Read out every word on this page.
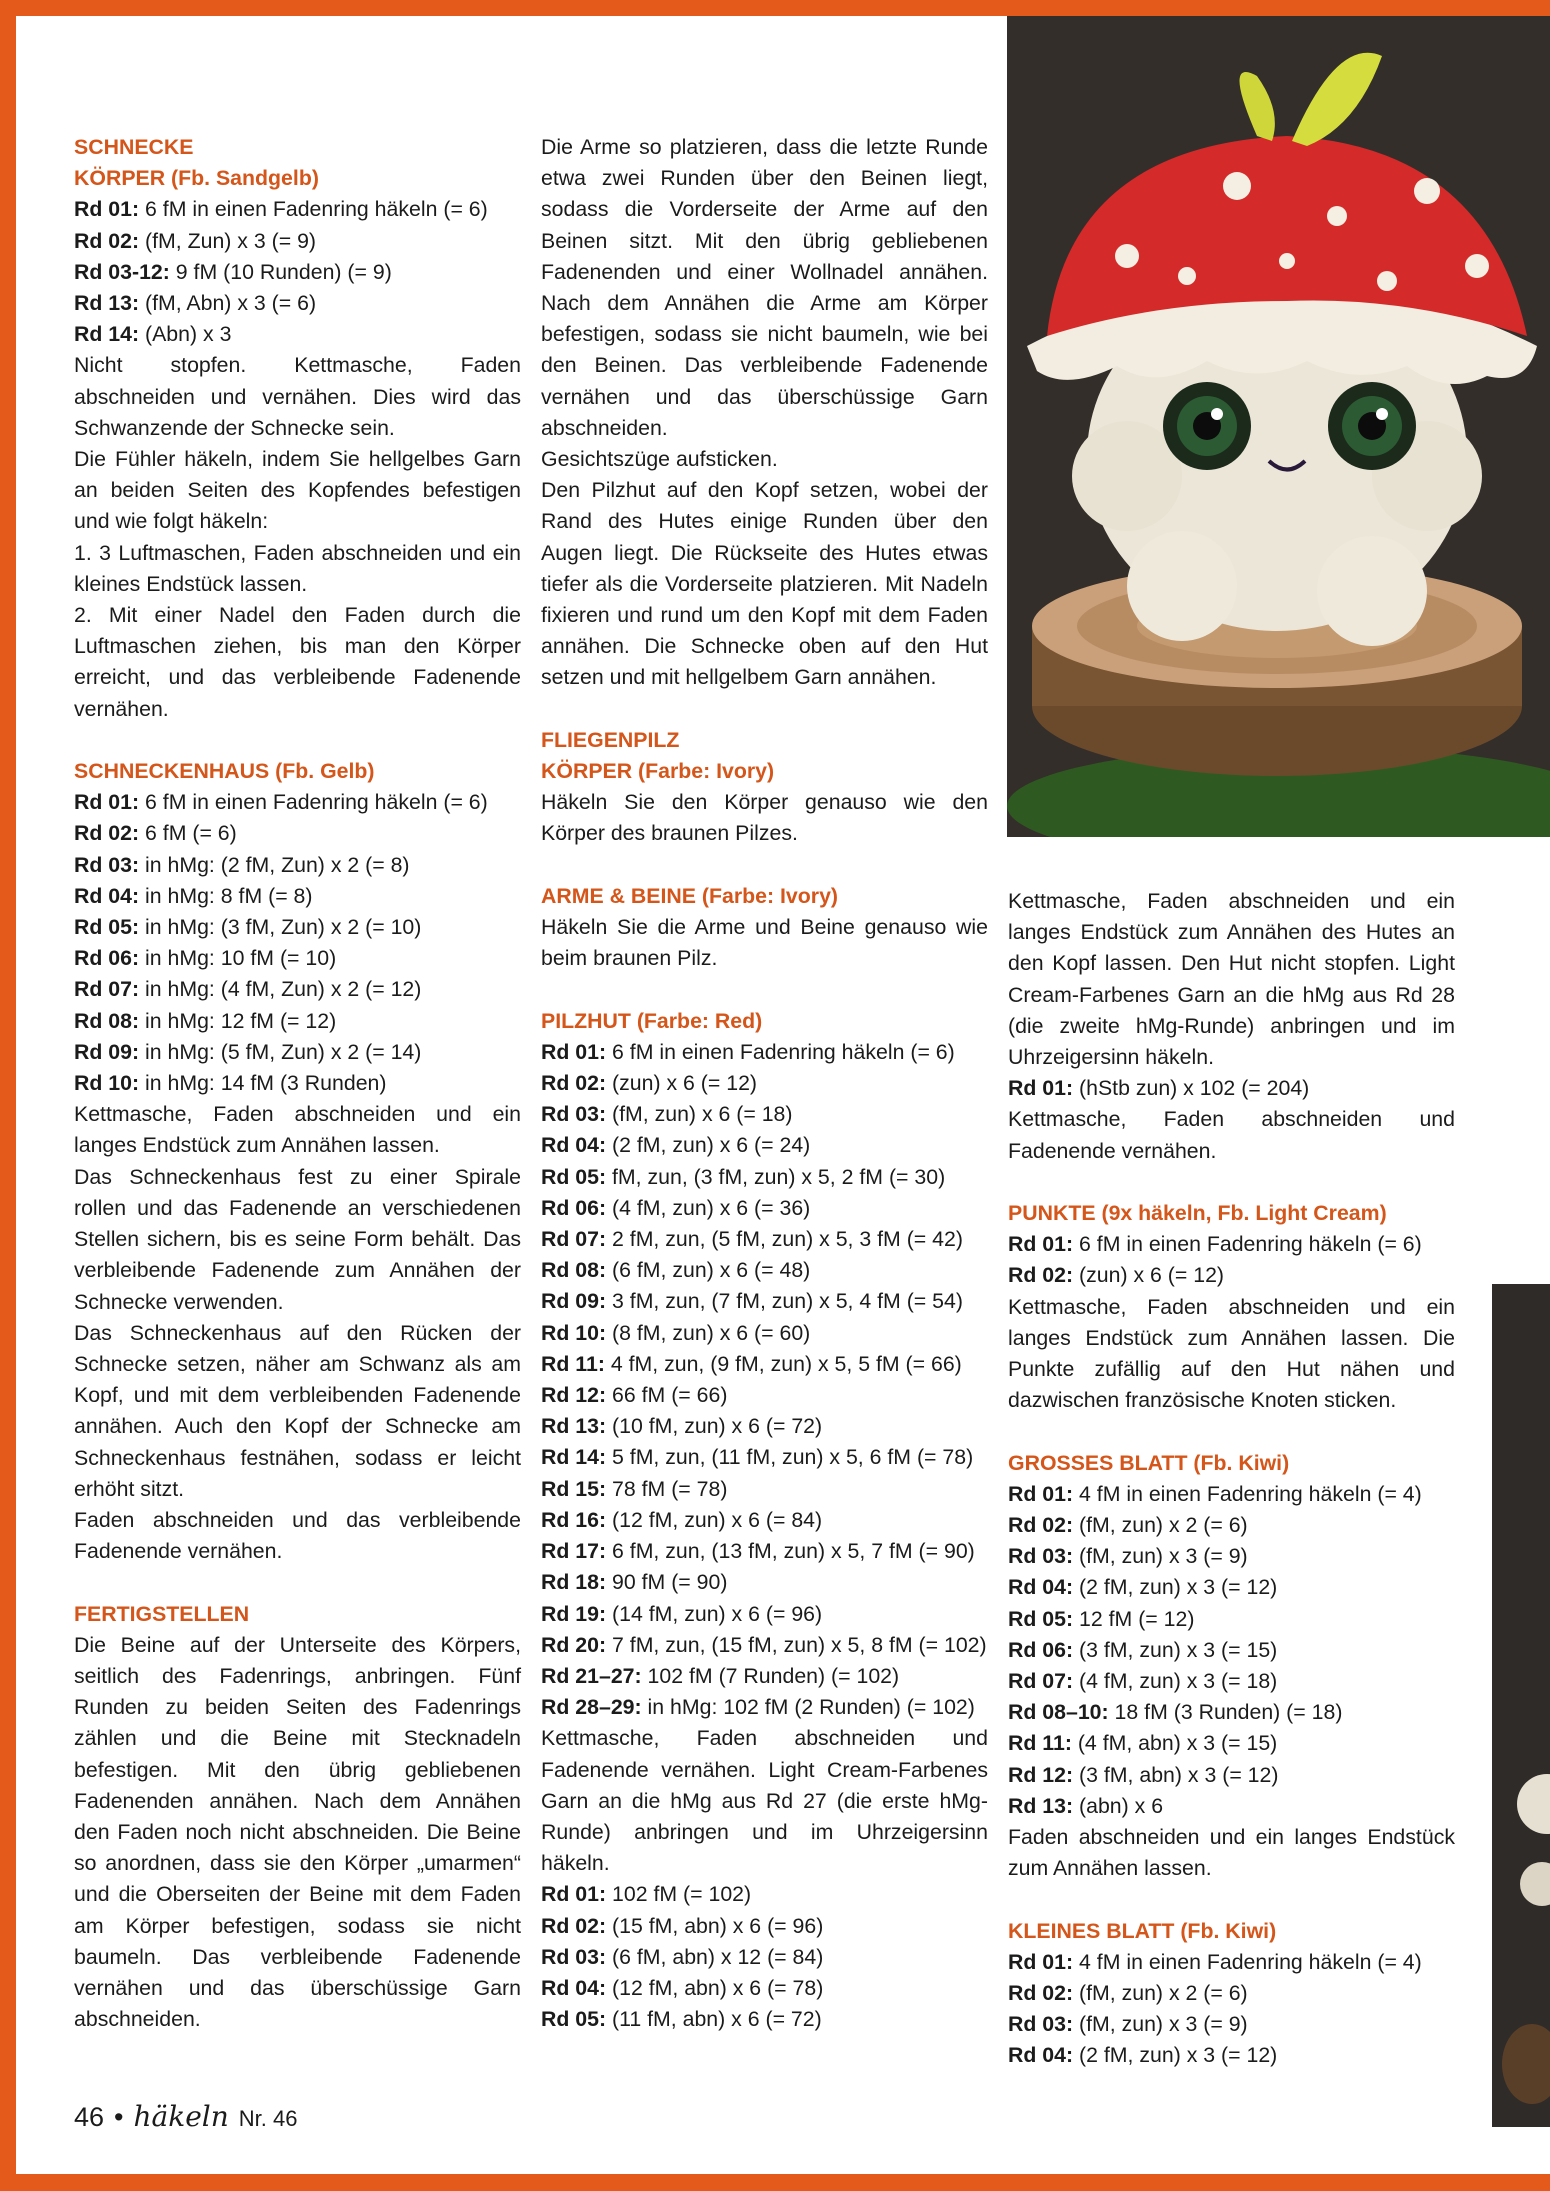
SCHNECKE

KÖRPER (Fb. Sandgelb)

Rd 01: 6 fM in einen Fadenring häkeln (= 6)
Rd 02: (fM, Zun) x 3 (= 9)
Rd 03-12: 9 fM (10 Runden) (= 9)
Rd 13: (fM, Abn) x 3 (= 6)
Rd 14: (Abn) x 3

Nicht stopfen. Kettmasche, Faden abschneiden und vernähen. Dies wird das Schwanzende der Schnecke sein.

Die Fühler häkeln, indem Sie hellgelbes Garn an beiden Seiten des Kopfendes befestigen und wie folgt häkeln:

1. 3 Luftmaschen, Faden abschneiden und ein kleines Endstück lassen.

2. Mit einer Nadel den Faden durch die Luftmaschen ziehen, bis man den Körper erreicht, und das verbleibende Fadenende vernähen.

SCHNECKENHAUS (Fb. Gelb)

Rd 01: 6 fM in einen Fadenring häkeln (= 6)
Rd 02: 6 fM (= 6)
Rd 03: in hMg: (2 fM, Zun) x 2 (= 8)
Rd 04: in hMg: 8 fM (= 8)
Rd 05: in hMg: (3 fM, Zun) x 2 (= 10)
Rd 06: in hMg: 10 fM (= 10)
Rd 07: in hMg: (4 fM, Zun) x 2 (= 12)
Rd 08: in hMg: 12 fM (= 12)
Rd 09: in hMg: (5 fM, Zun) x 2 (= 14)
Rd 10: in hMg: 14 fM (3 Runden)

Kettmasche, Faden abschneiden und ein langes Endstück zum Annähen lassen.

Das Schneckenhaus fest zu einer Spirale rollen und das Fadenende an verschiedenen Stellen sichern, bis es seine Form behält. Das verbleibende Fadenende zum Annähen der Schnecke verwenden.

Das Schneckenhaus auf den Rücken der Schnecke setzen, näher am Schwanz als am Kopf, und mit dem verbleibenden Fadenende annähen. Auch den Kopf der Schnecke am Schneckenhaus festnähen, sodass er leicht erhöht sitzt.

Faden abschneiden und das verbleibende Fadenende vernähen.

FERTIGSTELLEN

Die Beine auf der Unterseite des Körpers, seitlich des Fadenrings, anbringen. Fünf Runden zu beiden Seiten des Fadenrings zählen und die Beine mit Stecknadeln befestigen. Mit den übrig gebliebenen Fadenenden annähen. Nach dem Annähen den Faden noch nicht abschneiden. Die Beine so anordnen, dass sie den Körper „umarmen“ und die Oberseiten der Beine mit dem Faden am Körper befestigen, sodass sie nicht baumeln. Das verbleibende Fadenende vernähen und das überschüssige Garn abschneiden.

Die Arme so platzieren, dass die letzte Runde etwa zwei Runden über den Beinen liegt, sodass die Vorderseite der Arme auf den Beinen sitzt. Mit den übrig gebliebenen Fadenenden und einer Wollnadel annähen. Nach dem Annähen die Arme am Körper befestigen, sodass sie nicht baumeln, wie bei den Beinen. Das verbleibende Fadenende vernähen und das überschüssige Garn abschneiden.

Gesichtszüge aufsticken.

Den Pilzhut auf den Kopf setzen, wobei der Rand des Hutes einige Runden über den Augen liegt. Die Rückseite des Hutes etwas tiefer als die Vorderseite platzieren. Mit Nadeln fixieren und rund um den Kopf mit dem Faden annähen. Die Schnecke oben auf den Hut setzen und mit hellgelbem Garn annähen.

FLIEGENPILZ

KÖRPER (Farbe: Ivory)

Häkeln Sie den Körper genauso wie den Körper des braunen Pilzes.

ARME & BEINE (Farbe: Ivory)

Häkeln Sie die Arme und Beine genauso wie beim braunen Pilz.

PILZHUT (Farbe: Red)

Rd 01: 6 fM in einen Fadenring häkeln (= 6)
Rd 02: (zun) x 6 (= 12)
Rd 03: (fM, zun) x 6 (= 18)
Rd 04: (2 fM, zun) x 6 (= 24)
Rd 05: fM, zun, (3 fM, zun) x 5, 2 fM (= 30)
Rd 06: (4 fM, zun) x 6 (= 36)
Rd 07: 2 fM, zun, (5 fM, zun) x 5, 3 fM (= 42)
Rd 08: (6 fM, zun) x 6 (= 48)
Rd 09: 3 fM, zun, (7 fM, zun) x 5, 4 fM (= 54)
Rd 10: (8 fM, zun) x 6 (= 60)
Rd 11: 4 fM, zun, (9 fM, zun) x 5, 5 fM (= 66)
Rd 12: 66 fM (= 66)
Rd 13: (10 fM, zun) x 6 (= 72)
Rd 14: 5 fM, zun, (11 fM, zun) x 5, 6 fM (= 78)
Rd 15: 78 fM (= 78)
Rd 16: (12 fM, zun) x 6 (= 84)
Rd 17: 6 fM, zun, (13 fM, zun) x 5, 7 fM (= 90)
Rd 18: 90 fM (= 90)
Rd 19: (14 fM, zun) x 6 (= 96)
Rd 20: 7 fM, zun, (15 fM, zun) x 5, 8 fM (= 102)
Rd 21–27: 102 fM (7 Runden) (= 102)
Rd 28–29: in hMg: 102 fM (2 Runden) (= 102)

Kettmasche, Faden abschneiden und Fadenende vernähen. Light Cream-Farbenes Garn an die hMg aus Rd 27 (die erste hMg-Runde) anbringen und im Uhrzeigersinn häkeln.

Rd 01: 102 fM (= 102)
Rd 02: (15 fM, abn) x 6 (= 96)
Rd 03: (6 fM, abn) x 12 (= 84)
Rd 04: (12 fM, abn) x 6 (= 78)
Rd 05: (11 fM, abn) x 6 (= 72)

Kettmasche, Faden abschneiden und ein langes Endstück zum Annähen des Hutes an den Kopf lassen. Den Hut nicht stopfen. Light Cream-Farbenes Garn an die hMg aus Rd 28 (die zweite hMg-Runde) anbringen und im Uhrzeigersinn häkeln.

Rd 01: (hStb zun) x 102 (= 204)

Kettmasche, Faden abschneiden und Fadenende vernähen.

PUNKTE (9x häkeln, Fb. Light Cream)

Rd 01: 6 fM in einen Fadenring häkeln (= 6)
Rd 02: (zun) x 6 (= 12)

Kettmasche, Faden abschneiden und ein langes Endstück zum Annähen lassen. Die Punkte zufällig auf den Hut nähen und dazwischen französische Knoten sticken.

GROSSES BLATT (Fb. Kiwi)

Rd 01: 4 fM in einen Fadenring häkeln (= 4)
Rd 02: (fM, zun) x 2 (= 6)
Rd 03: (fM, zun) x 3 (= 9)
Rd 04: (2 fM, zun) x 3 (= 12)
Rd 05: 12 fM (= 12)
Rd 06: (3 fM, zun) x 3 (= 15)
Rd 07: (4 fM, zun) x 3 (= 18)
Rd 08–10: 18 fM (3 Runden) (= 18)
Rd 11: (4 fM, abn) x 3 (= 15)
Rd 12: (3 fM, abn) x 3 (= 12)
Rd 13: (abn) x 6

Faden abschneiden und ein langes Endstück zum Annähen lassen.

KLEINES BLATT (Fb. Kiwi)

Rd 01: 4 fM in einen Fadenring häkeln (= 4)
Rd 02: (fM, zun) x 2 (= 6)
Rd 03: (fM, zun) x 3 (= 9)
Rd 04: (2 fM, zun) x 3 (= 12)
46 • häkeln Nr. 46
